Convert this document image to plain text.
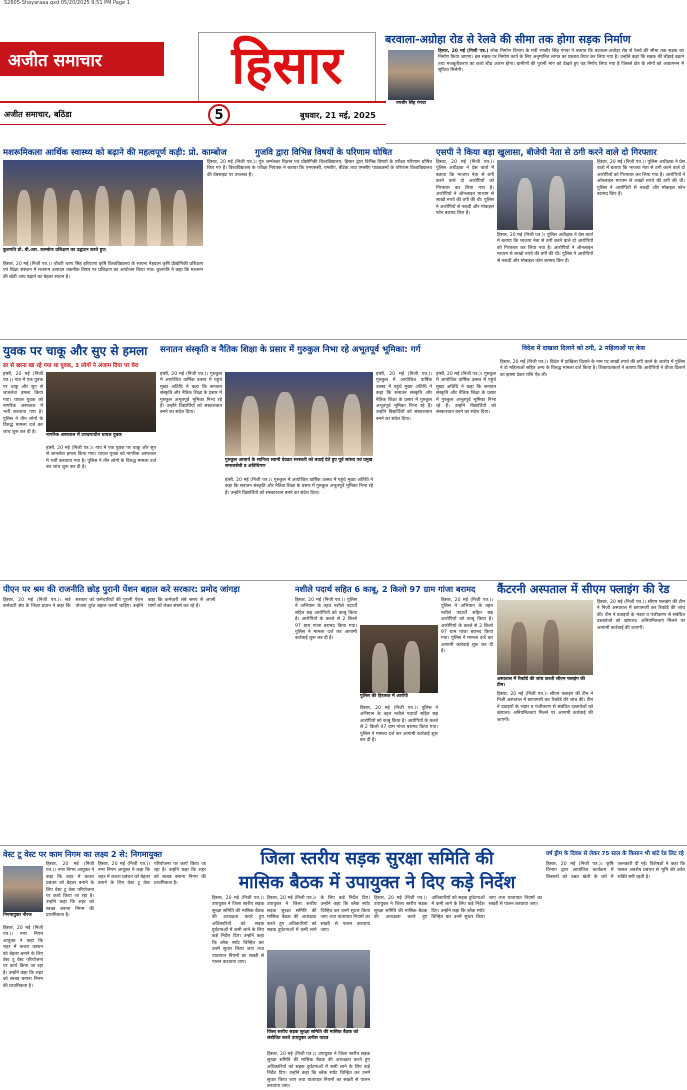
S2605-Shayaraaa.qxd 05/20/2025 9:51 PM Page 1
अजीत समाचार	हिसार
अजीत समाचार, बठिंडा	5	बुधवार, 21 मई, 2025
बरवाला-अग्रोहा रोड से रेलवे की सीमा तक होगा सड़क निर्माण
रणबीर सिंह गंगवा

हिसार, 20 मई (निजी पत्र.) लोक निर्माण विभाग के मंत्री रणबीर सिंह गंगवा ने बताया कि बरवाला-अग्रोहा रोड से रेलवे की सीमा तक सड़क का निर्माण किया जाएगा। इस सड़क पर निर्माण कार्य के लिए अनुमानित लागत का प्रस्ताव तैयार कर लिया गया है। उन्होंने कहा कि सड़क की चौड़ाई बढ़ाने तथा मजबूतीकरण का कार्य शीघ्र आरंभ होगा। ग्रामीणों की पुरानी मांग को देखते हुए यह निर्णय लिया गया है जिससे क्षेत्र के लोगों को आवागमन में सुविधा मिलेगी।

मशरूमिकला आर्थिक स्वास्थ्य को बढ़ाने की महत्वपूर्ण कड़ी: प्रो. काम्बोज
कुलपति प्रो. बी.आर. काम्बोज प्रशिक्षण का उद्घाटन करते हुए।
हिसार, 20 मई (निजी पत्र.)। चौधरी चरण सिंह हरियाणा कृषि विश्वविद्यालय के सायना नेहवाल कृषि प्रौद्योगिकी प्रशिक्षण एवं शिक्षा संस्थान में मशरूम उत्पादन तकनीक विषय पर प्रशिक्षण का आयोजन किया गया। कुलपति ने कहा कि मशरूम की खेती आय बढ़ाने का बेहतर साधन है।
गुजवि द्वारा विभिन्न विषयों के परिणाम घोषित
हिसार, 20 मई (निजी पत्र.)। गुरु जम्भेश्वर विज्ञान एवं प्रौद्योगिकी विश्वविद्यालय, हिसार द्वारा विभिन्न विषयों के परीक्षा परिणाम घोषित किए गए हैं। विश्वविद्यालय के परीक्षा नियंत्रक ने बताया कि एमएससी, एमबीए, बीटेक तथा एमसीए पाठ्यक्रमों के परिणाम विश्वविद्यालय की वेबसाइट पर उपलब्ध हैं।
एसपी ने किया बड़ा खुलासा, बीजेपी नेता से ठगी करने वाले दो गिरफ्तार
हिसार, 20 मई (निजी पत्र.)। पुलिस अधीक्षक ने प्रेस वार्ता में बताया कि भाजपा नेता से ठगी करने वाले दो आरोपियों को गिरफ्तार कर लिया गया है। आरोपियों ने ऑनलाइन माध्यम से लाखों रुपये की ठगी की थी। पुलिस ने आरोपियों से नकदी और मोबाइल फोन बरामद किए हैं।
हिसार, 20 मई (निजी पत्र.)। पुलिस अधीक्षक ने प्रेस वार्ता में बताया कि भाजपा नेता से ठगी करने वाले दो आरोपियों को गिरफ्तार कर लिया गया है। आरोपियों ने ऑनलाइन माध्यम से लाखों रुपये की ठगी की थी। पुलिस ने आरोपियों से नकदी और मोबाइल फोन बरामद किए हैं।
हिसार, 20 मई (निजी पत्र.)। पुलिस अधीक्षक ने प्रेस वार्ता में बताया कि भाजपा नेता से ठगी करने वाले दो आरोपियों को गिरफ्तार कर लिया गया है। आरोपियों ने ऑनलाइन माध्यम से लाखों रुपये की ठगी की थी। पुलिस ने आरोपियों से नकदी और मोबाइल फोन बरामद किए हैं।
युवक पर चाकू और सुए से हमला
डर से खाना खा रहे गया था युवक, 3 लोगों ने अंजाम दिया पर घेरा
नागरिक अस्पताल में उपचाराधीन घायल युवक
हांसी, 20 मई (निजी पत्र.)। गांव में एक युवक पर चाकू और सुए से जानलेवा हमला किया गया। घायल युवक को नागरिक अस्पताल में भर्ती करवाया गया है। पुलिस ने तीन लोगों के विरुद्ध मामला दर्ज कर जांच शुरू कर दी है।
हांसी, 20 मई (निजी पत्र.)। गांव में एक युवक पर चाकू और सुए से जानलेवा हमला किया गया। घायल युवक को नागरिक अस्पताल में भर्ती करवाया गया है। पुलिस ने तीन लोगों के विरुद्ध मामला दर्ज कर जांच शुरू कर दी है।
सनातन संस्कृति व नैतिक शिक्षा के प्रसार में गुरुकुल निभा रहे अभूतपूर्व भूमिका: गर्ग
गुरुकुल आचार्य के सानिध्य स्वामी देवव्रत सरस्वती को बधाई देते हुए पूर्व सांसद एवं प्रमुख समाजसेवी व अतिथिगण
हांसी, 20 मई (निजी पत्र.)। गुरुकुल में आयोजित वार्षिक उत्सव में पहुंचे मुख्य अतिथि ने कहा कि सनातन संस्कृति और नैतिक शिक्षा के प्रसार में गुरुकुल अभूतपूर्व भूमिका निभा रहे हैं। उन्होंने विद्यार्थियों को संस्कारवान बनने का संदेश दिया।
हांसी, 20 मई (निजी पत्र.)। गुरुकुल में आयोजित वार्षिक उत्सव में पहुंचे मुख्य अतिथि ने कहा कि सनातन संस्कृति और नैतिक शिक्षा के प्रसार में गुरुकुल अभूतपूर्व भूमिका निभा रहे हैं। उन्होंने विद्यार्थियों को संस्कारवान बनने का संदेश दिया।
हांसी, 20 मई (निजी पत्र.)। गुरुकुल में आयोजित वार्षिक उत्सव में पहुंचे मुख्य अतिथि ने कहा कि सनातन संस्कृति और नैतिक शिक्षा के प्रसार में गुरुकुल अभूतपूर्व भूमिका निभा रहे हैं। उन्होंने विद्यार्थियों को संस्कारवान बनने का संदेश दिया।
हांसी, 20 मई (निजी पत्र.)। गुरुकुल में आयोजित वार्षिक उत्सव में पहुंचे मुख्य अतिथि ने कहा कि सनातन संस्कृति और नैतिक शिक्षा के प्रसार में गुरुकुल अभूतपूर्व भूमिका निभा रहे हैं। उन्होंने विद्यार्थियों को संस्कारवान बनने का संदेश दिया।
विदेश में दाखला दिलाने को ठगी, 2 महिलाओं पर केस
हिसार, 20 मई (निजी पत्र.)। विदेश में दाखिला दिलाने के नाम पर लाखों रुपये की ठगी करने के आरोप में पुलिस ने दो महिलाओं सहित अन्य के विरुद्ध मामला दर्ज किया है। शिकायतकर्ता ने बताया कि आरोपियों ने वीजा दिलाने का झांसा देकर राशि ऐंठ ली।
पीएन पर श्रम की राजनीति छोड़ पुरानी पेंशन बहाल करे सरकार: प्रमोद जांगड़ा
हिसार, 20 मई (निजी पत्र.)। सर्व कर्मचारी संघ के जिला प्रधान ने कहा कि सरकार को कर्मचारियों की पुरानी पेंशन योजना तुरंत बहाल करनी चाहिए। उन्होंने कहा कि कर्मचारी लंबे समय से अपनी मांगों को लेकर संघर्ष कर रहे हैं।
नशीले पदार्थ सहित 6 काबू, 2 किलो 97 ग्राम गांजा बरामद
पुलिस की हिरासत में आरोपी
हिसार, 20 मई (निजी पत्र.)। पुलिस ने अभियान के तहत नशीले पदार्थों सहित छह आरोपियों को काबू किया है। आरोपियों के कब्जे से 2 किलो 97 ग्राम गांजा बरामद किया गया। पुलिस ने मामला दर्ज कर आगामी कार्रवाई शुरू कर दी है।
हिसार, 20 मई (निजी पत्र.)। पुलिस ने अभियान के तहत नशीले पदार्थों सहित छह आरोपियों को काबू किया है। आरोपियों के कब्जे से 2 किलो 97 ग्राम गांजा बरामद किया गया। पुलिस ने मामला दर्ज कर आगामी कार्रवाई शुरू कर दी है।
हिसार, 20 मई (निजी पत्र.)। पुलिस ने अभियान के तहत नशीले पदार्थों सहित छह आरोपियों को काबू किया है। आरोपियों के कब्जे से 2 किलो 97 ग्राम गांजा बरामद किया गया। पुलिस ने मामला दर्ज कर आगामी कार्रवाई शुरू कर दी है।
कैंटरनी अस्पताल में सीएम फ्लाइंग की रेड
अस्पताल में रिकॉर्ड की जांच करती सीएम फ्लाइंग की टीम।
हिसार, 20 मई (निजी पत्र.)। सीएम फ्लाइंग की टीम ने निजी अस्पताल में छापामारी कर रिकॉर्ड की जांच की। टीम ने दवाइयों के भंडार व पंजीकरण से संबंधित दस्तावेजों को खंगाला। अनियमितताएं मिलने पर आगामी कार्रवाई की जाएगी।
हिसार, 20 मई (निजी पत्र.)। सीएम फ्लाइंग की टीम ने निजी अस्पताल में छापामारी कर रिकॉर्ड की जांच की। टीम ने दवाइयों के भंडार व पंजीकरण से संबंधित दस्तावेजों को खंगाला। अनियमितताएं मिलने पर आगामी कार्रवाई की जाएगी।
वेस्ट टू वेस्ट पर काम निगम का लक्ष्य 2 से: निगमायुक्त
निगमायुक्त नीरज
हिसार, 20 मई (निजी पत्र.)। नगर निगम आयुक्त ने कहा कि शहर में कचरा प्रबंधन को बेहतर बनाने के लिए वेस्ट टू वेस्ट परियोजना पर कार्य किया जा रहा है। उन्होंने कहा कि शहर को स्वच्छ बनाना निगम की प्राथमिकता है।
हिसार, 20 मई (निजी पत्र.)। नगर निगम आयुक्त ने कहा कि शहर में कचरा प्रबंधन को बेहतर बनाने के लिए वेस्ट टू वेस्ट परियोजना पर कार्य किया जा रहा है। उन्होंने कहा कि शहर को स्वच्छ बनाना निगम की प्राथमिकता है।
हिसार, 20 मई (निजी पत्र.)। नगर निगम आयुक्त ने कहा कि शहर में कचरा प्रबंधन को बेहतर बनाने के लिए वेस्ट टू वेस्ट परियोजना पर कार्य किया जा रहा है। उन्होंने कहा कि शहर को स्वच्छ बनाना निगम की प्राथमिकता है।
जिला स्तरीय सड़क सुरक्षा समिति की
मासिक बैठक में उपायुक्त ने दिए कड़े निर्देश
हिसार, 20 मई (निजी पत्र.)। उपायुक्त ने जिला स्तरीय सड़क सुरक्षा समिति की मासिक बैठक की अध्यक्षता करते हुए अधिकारियों को सड़क दुर्घटनाओं में कमी लाने के लिए कड़े निर्देश दिए। उन्होंने कहा कि ब्लैक स्पॉट चिन्हित कर उनमें सुधार किया जाए तथा यातायात नियमों का सख्ती से पालन करवाया जाए।
हिसार, 20 मई (निजी पत्र.)। उपायुक्त ने जिला स्तरीय सड़क सुरक्षा समिति की मासिक बैठक की अध्यक्षता करते हुए अधिकारियों को सड़क दुर्घटनाओं में कमी लाने के लिए कड़े निर्देश दिए। उन्होंने कहा कि ब्लैक स्पॉट चिन्हित कर उनमें सुधार किया जाए तथा यातायात नियमों का सख्ती से पालन करवाया जाए।
जिला स्तरीय सड़क सुरक्षा समिति की मासिक बैठक को संबोधित करते उपायुक्त अनीश यादव
हिसार, 20 मई (निजी पत्र.)। उपायुक्त ने जिला स्तरीय सड़क सुरक्षा समिति की मासिक बैठक की अध्यक्षता करते हुए अधिकारियों को सड़क दुर्घटनाओं में कमी लाने के लिए कड़े निर्देश दिए। उन्होंने कहा कि ब्लैक स्पॉट चिन्हित कर उनमें सुधार किया जाए तथा यातायात नियमों का सख्ती से पालन करवाया जाए।
हिसार, 20 मई (निजी पत्र.)। उपायुक्त ने जिला स्तरीय सड़क सुरक्षा समिति की मासिक बैठक की अध्यक्षता करते हुए अधिकारियों को सड़क दुर्घटनाओं में कमी लाने के लिए कड़े निर्देश दिए। उन्होंने कहा कि ब्लैक स्पॉट चिन्हित कर उनमें सुधार किया जाए तथा यातायात नियमों का सख्ती से पालन करवाया जाए।
वर्ष ड्रीम के दिवस से लेकर 75 साल के किसान भी बांटे रेड लिट रहे
हिसार, 20 मई (निजी पत्र.)। कृषि विभाग द्वारा आयोजित कार्यक्रम में किसानों को उन्नत खेती के बारे में जानकारी दी गई। विशेषज्ञों ने कहा कि फसल अवशेष प्रबंधन से भूमि की उर्वरा शक्ति बनी रहती है।
